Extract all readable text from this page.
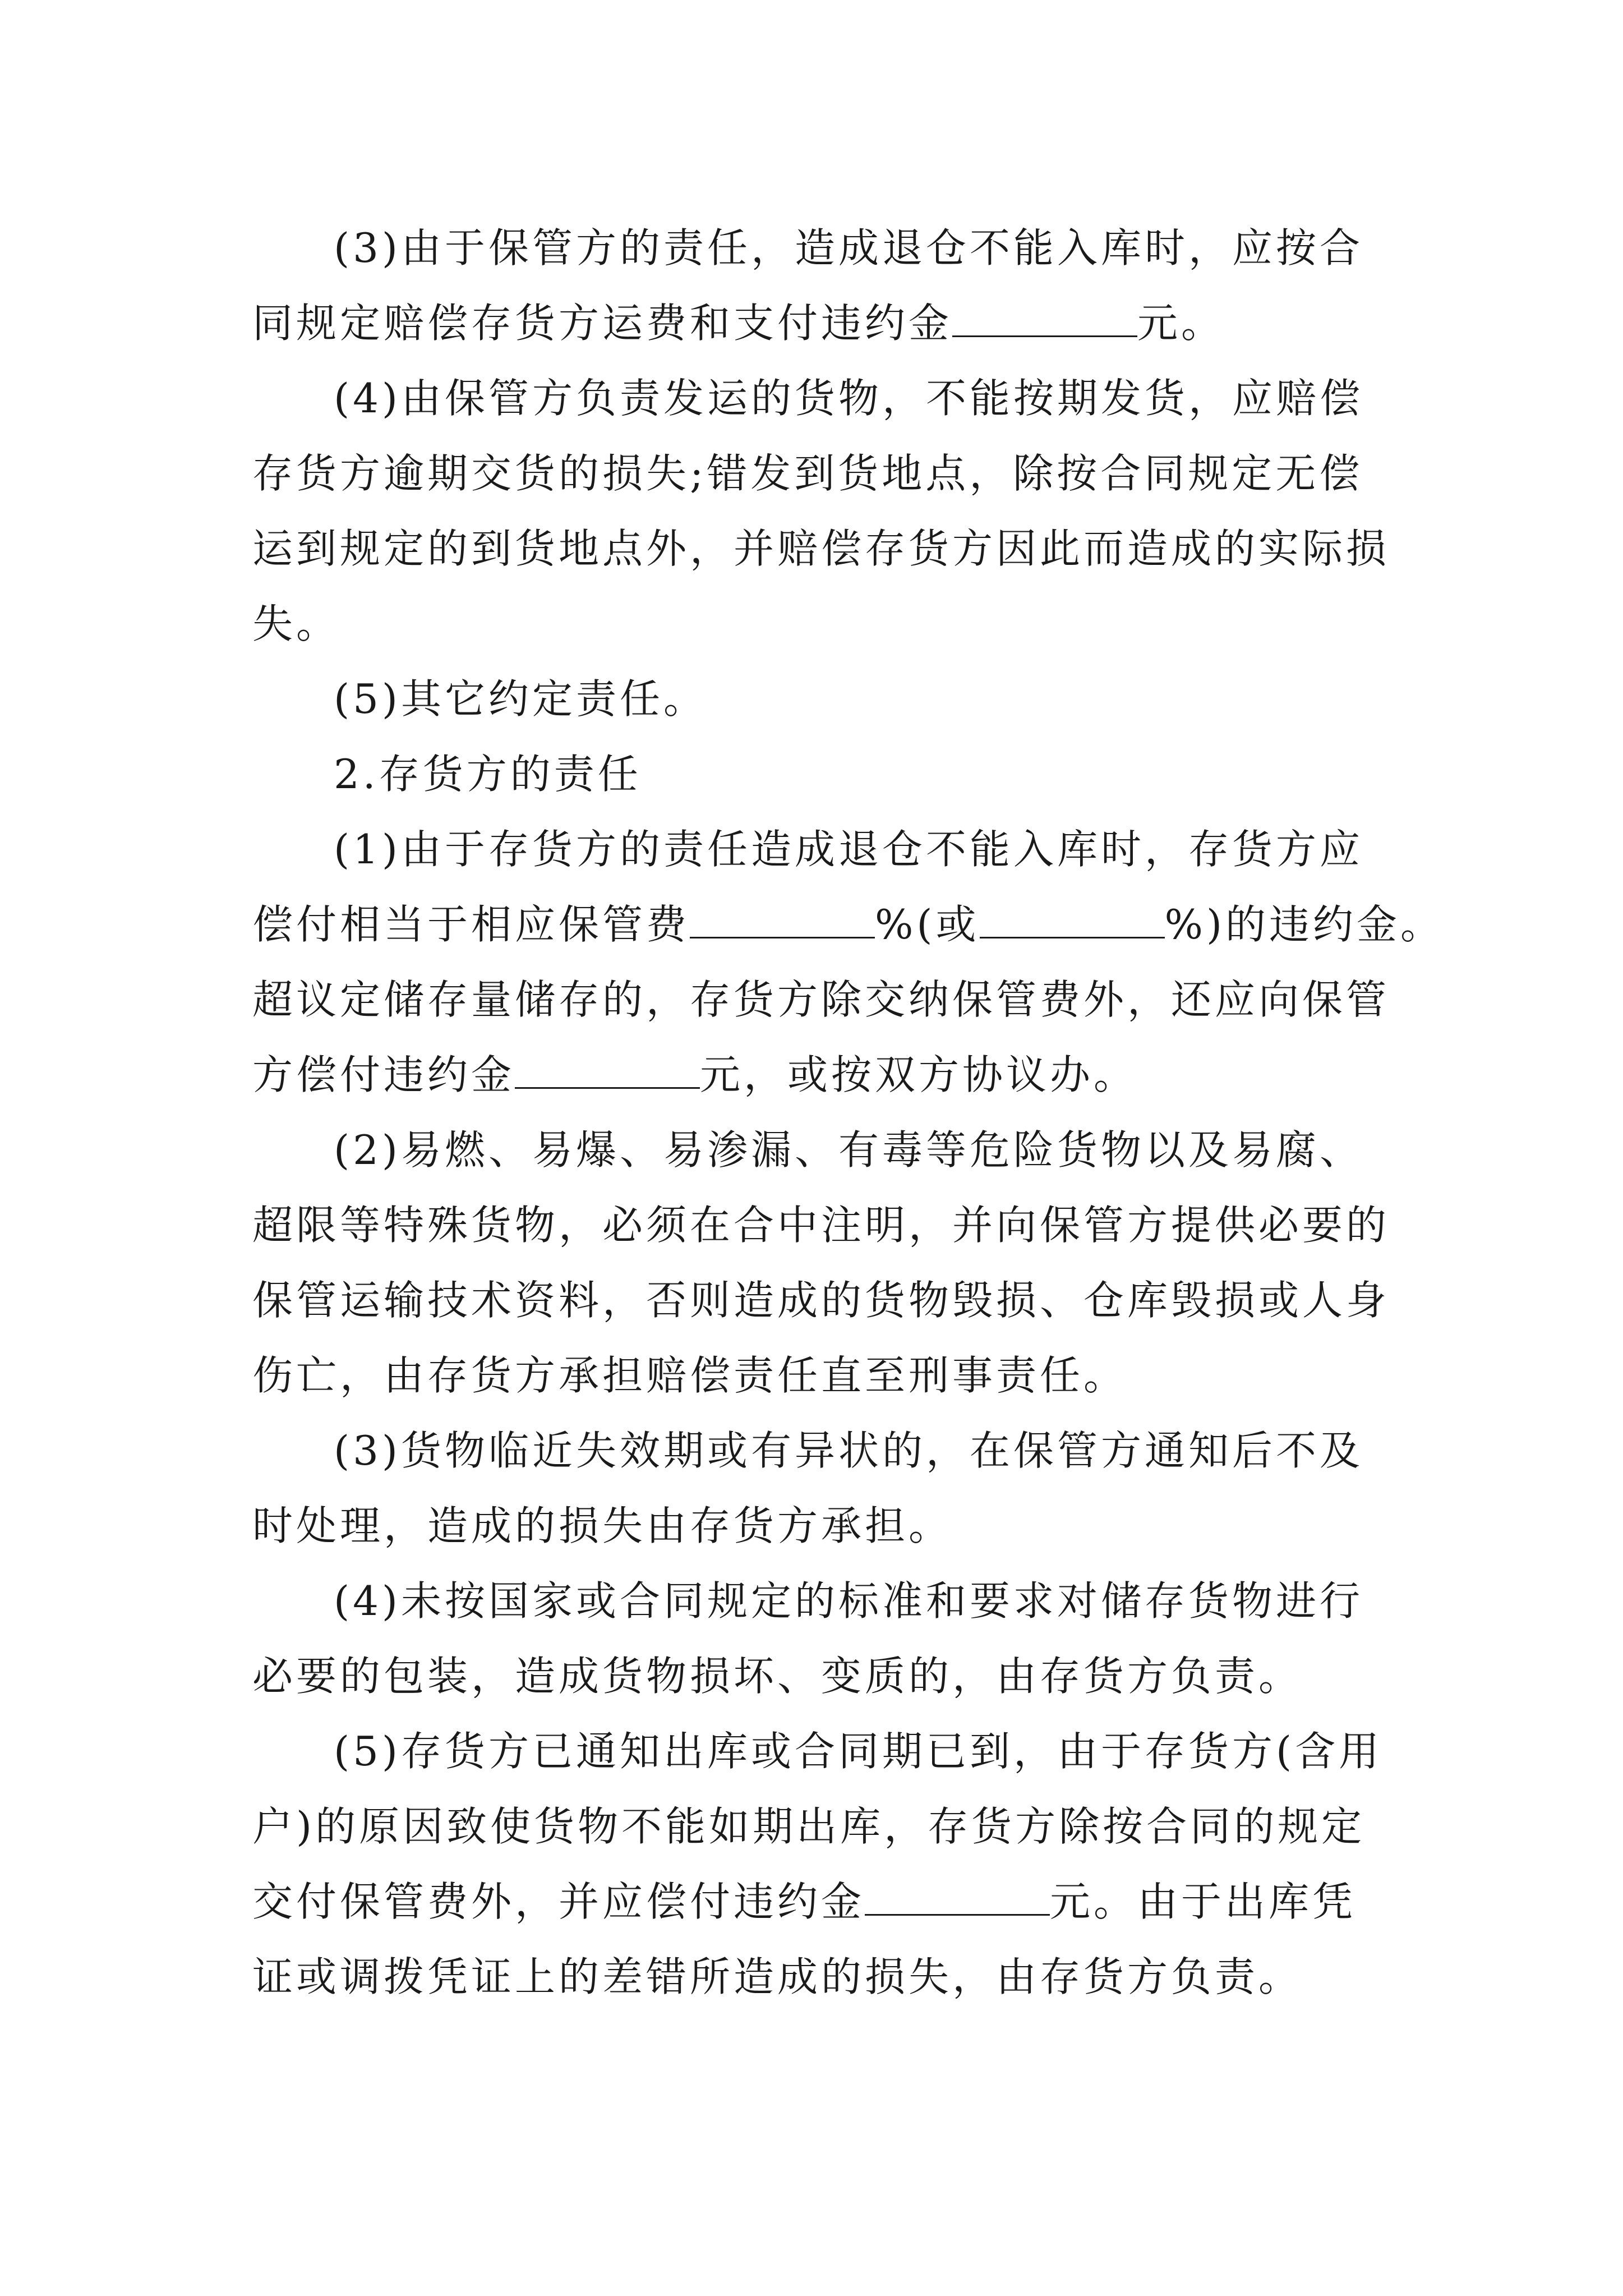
(3)由于保管方的责任，造成退仓不能入库时，应按合
同规定赔偿存货方运费和支付违约金	元。
(4)由保管方负责发运的货物，不能按期发货，应赔偿
存货方逾期交货的损失;错发到货地点，除按合同规定无偿
运到规定的到货地点外，并赔偿存货方因此而造成的实际损
失。
(5)其它约定责任。
2.存货方的责任
(1)由于存货方的责任造成退仓不能入库时，存货方应
偿付相当于相应保管费	%(或	%)的违约金。
超议定储存量储存的，存货方除交纳保管费外，还应向保管
方偿付违约金	元，或按双方协议办。
(2)易燃、易爆、易渗漏、有毒等危险货物以及易腐、
超限等特殊货物，必须在合中注明，并向保管方提供必要的
保管运输技术资料，否则造成的货物毁损、仓库毁损或人身
伤亡，由存货方承担赔偿责任直至刑事责任。
(3)货物临近失效期或有异状的，在保管方通知后不及
时处理，造成的损失由存货方承担。
(4)未按国家或合同规定的标准和要求对储存货物进行
必要的包装，造成货物损坏、变质的，由存货方负责。
(5)存货方已通知出库或合同期已到，由于存货方(含用
户)的原因致使货物不能如期出库，存货方除按合同的规定
交付保管费外，并应偿付违约金	元。由于出库凭
证或调拨凭证上的差错所造成的损失，由存货方负责。
